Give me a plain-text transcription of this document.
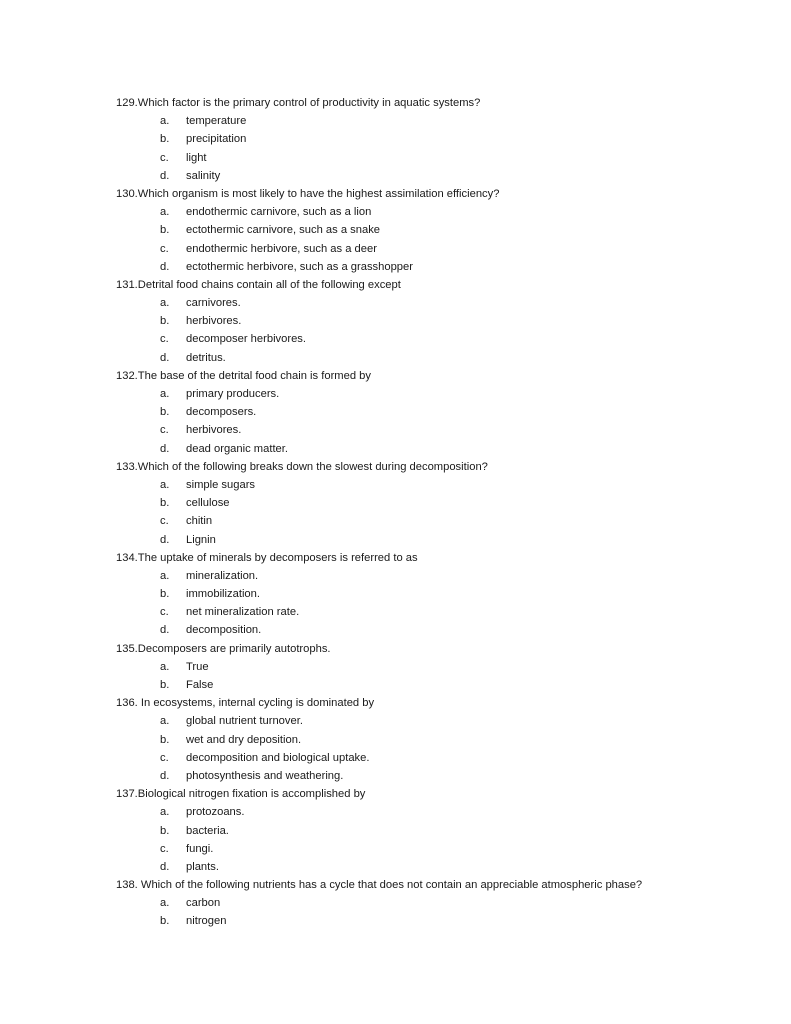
129. Which factor is the primary control of productivity in aquatic systems?
a.	temperature
b.	precipitation
c.	light
d.	salinity
130. Which organism is most likely to have the highest assimilation efficiency?
a.	endothermic carnivore, such as a lion
b.	ectothermic carnivore, such as a snake
c.	endothermic herbivore, such as a deer
d.	ectothermic herbivore, such as a grasshopper
131. Detrital food chains contain all of the following except
a.	carnivores.
b.	herbivores.
c.	decomposer herbivores.
d.	detritus.
132. The base of the detrital food chain is formed by
a.	primary producers.
b.	decomposers.
c.	herbivores.
d.	dead organic matter.
133. Which of the following breaks down the slowest during decomposition?
a.	simple sugars
b.	cellulose
c.	chitin
d.	Lignin
134. The uptake of minerals by decomposers is referred to as
a.	mineralization.
b.	immobilization.
c.	net mineralization rate.
d.	decomposition.
135. Decomposers are primarily autotrophs.
a.	True
b.	False
136. In ecosystems, internal cycling is dominated by
a.	global nutrient turnover.
b.	wet and dry deposition.
c.	decomposition and biological uptake.
d.	photosynthesis and weathering.
137. Biological nitrogen fixation is accomplished by
a.	protozoans.
b.	bacteria.
c.	fungi.
d.	plants.
138. Which of the following nutrients has a cycle that does not contain an appreciable atmospheric phase?
a.	carbon
b.	nitrogen
